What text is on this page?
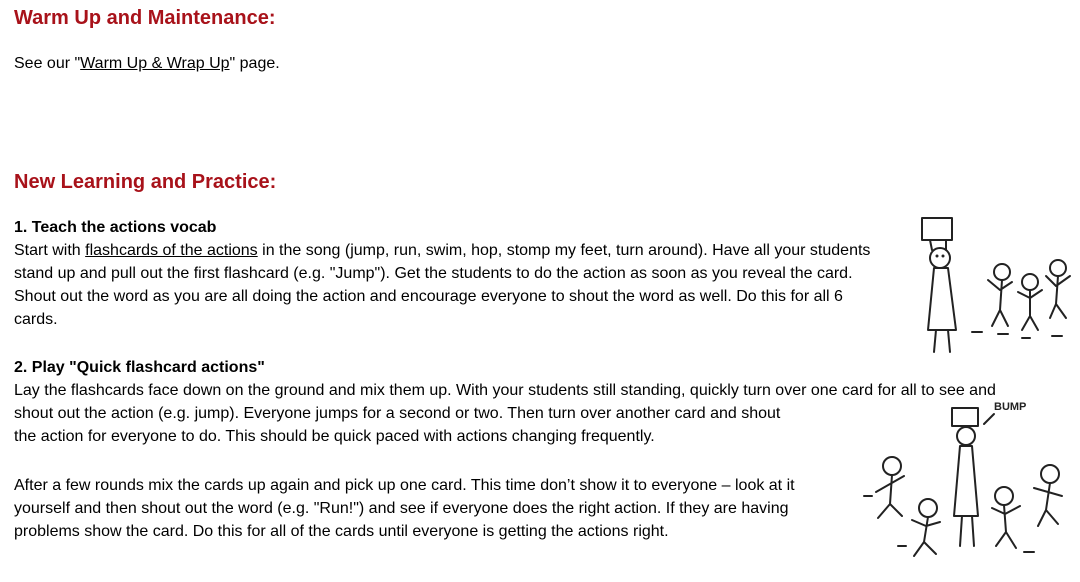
Warm Up and Maintenance:

See our "Warm Up & Wrap Up" page.

New Learning and Practice:

1. Teach the actions vocab
Start with flashcards of the actions in the song (jump, run, swim, hop, stomp my feet, turn around). Have all your students stand up and pull out the first flashcard (e.g. "Jump"). Get the students to do the action as soon as you reveal the card. Shout out the word as you are all doing the action and encourage everyone to shout the word as well. Do this for all 6 cards.

2. Play "Quick flashcard actions"
Lay the flashcards face down on the ground and mix them up. With your students still standing, quickly turn over one card for all to see and
shout out the action (e.g. jump). Everyone jumps for a second or two. Then turn over another card and shout the action for everyone to do. This should be quick paced with actions changing frequently.

After a few rounds mix the cards up again and pick up one card. This time don’t show it to everyone – look at it yourself and then shout out the word (e.g. "Run!") and see if everyone does the right action. If they are having problems show the card. Do this for all of the cards until everyone is getting the actions right.

BUMP
